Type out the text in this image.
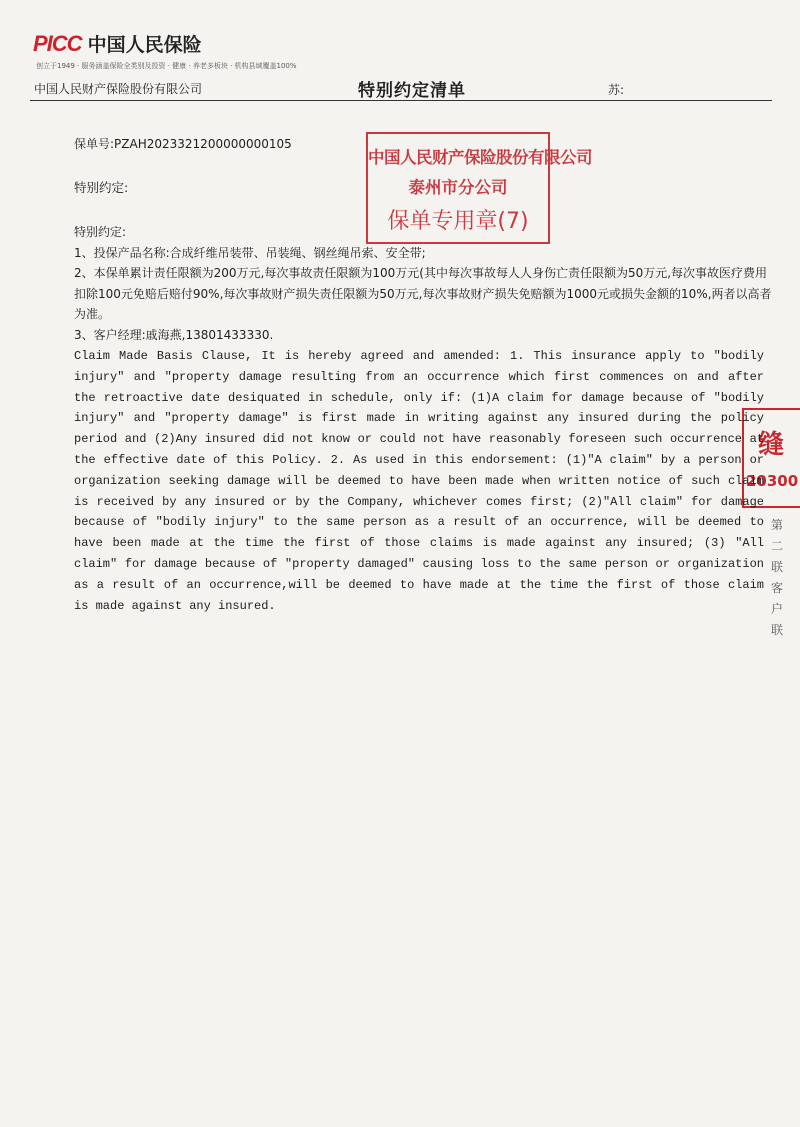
PICC 中国人民保险
创立于1949 · 服务涵盖保险全类别及投资 · 健康 · 养老多板块 · 机构县域覆盖100%
中国人民财产保险股份有限公司	特别约定清单	苏:
保单号:PZAH2023321200000000105
特别约定:

特别约定:

1、投保产品名称:合成纤维吊装带、吊装绳、钢丝绳吊索、安全带;

2、本保单累计责任限额为200万元,每次事故责任限额为100万元(其中每次事故每人人身伤亡责任限额为50万元,每次事故医疗费用扣除100元免赔后赔付90%,每次事故财产损失责任限额为50万元,每次事故财产损失免赔额为1000元或损失金额的10%,两者以高者为准。

3、客户经理:戚海燕,13801433330.

Claim Made Basis Clause, It is hereby agreed and amended: 1. This insurance apply to "bodily injury" and "property damage resulting from an occurrence which first commences on and after the retroactive date desiquated in schedule, only if: (1)A claim for damage because of "bodily injury" and "property damage" is first made in writing against any insured during the policy period and (2)Any insured did not know or could not have reasonably foreseen such occurrence at the effective date of this Policy. 2. As used in this endorsement: (1)"A claim" by a person or organization seeking damage will be deemed to have been made when written notice of such claim is received by any insured or by the Company, whichever comes first; (2)"All claim" for damage because of "bodily injury" to the same person as a result of an occurrence, will be deemed to have been made at the time the first of those claims is made against any insured; (3) "All claim" for damage because of "property damaged" causing loss to the same person or organization as a result of an occurrence,will be deemed to have made at the time the first of those claim is made against any insured.

中国人民财产保险股份有限公司
泰州市分公司
保单专用章(7)
缝
20300
第二联 客户联
